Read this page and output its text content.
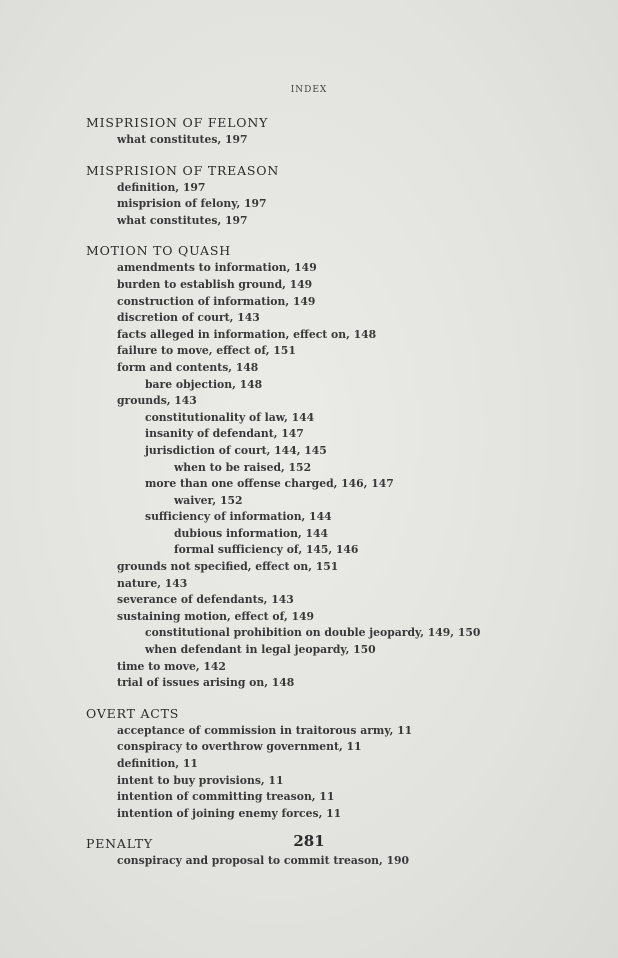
INDEX
MISPRISION OF FELONY
what constitutes, 197
MISPRISION OF TREASON
definition, 197
misprision of felony, 197
what constitutes, 197
MOTION TO QUASH
amendments to information, 149
burden to establish ground, 149
construction of information, 149
discretion of court, 143
facts alleged in information, effect on, 148
failure to move, effect of, 151
form and contents, 148
bare objection, 148
grounds, 143
constitutionality of law, 144
insanity of defendant, 147
jurisdiction of court, 144, 145
when to be raised, 152
more than one offense charged, 146, 147
waiver, 152
sufficiency of information, 144
dubious information, 144
formal sufficiency of, 145, 146
grounds not specified, effect on, 151
nature, 143
severance of defendants, 143
sustaining motion, effect of, 149
constitutional prohibition on double jeopardy, 149, 150
when defendant in legal jeopardy, 150
time to move, 142
trial of issues arising on, 148
OVERT ACTS
acceptance of commission in traitorous army, 11
conspiracy to overthrow government, 11
definition, 11
intent to buy provisions, 11
intention of committing treason, 11
intention of joining enemy forces, 11
PENALTY
conspiracy and proposal to commit treason, 190
281
